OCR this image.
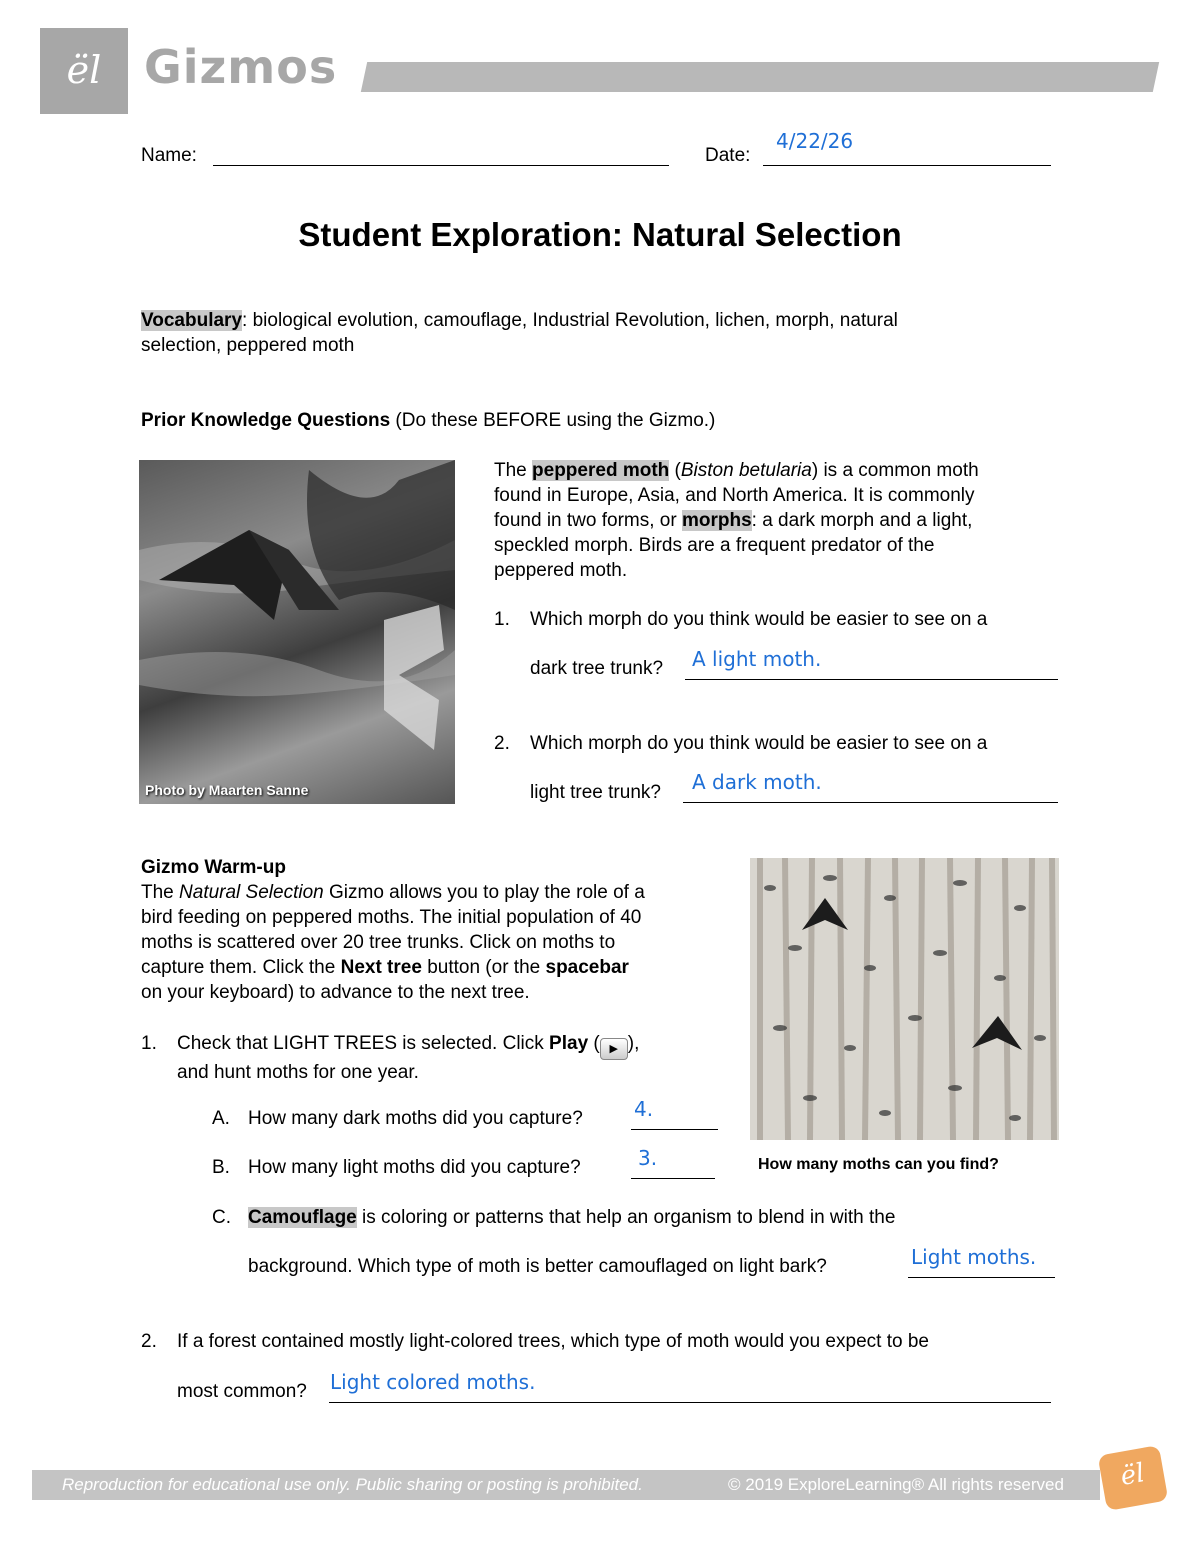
ël Gizmos
Name:	Date:
4/22/26
Student Exploration: Natural Selection
Vocabulary: biological evolution, camouflage, Industrial Revolution, lichen, morph, natural
selection, peppered moth
Prior Knowledge Questions (Do these BEFORE using the Gizmo.)
Photo by Maarten Sanne
The peppered moth (Biston betularia) is a common moth
found in Europe, Asia, and North America. It is commonly
found in two forms, or morphs: a dark morph and a light,
speckled morph. Birds are a frequent predator of the
peppered moth.
1. Which morph do you think would be easier to see on a
dark tree trunk? A light moth.
2. Which morph do you think would be easier to see on a
light tree trunk? A dark moth.
Gizmo Warm-up
The Natural Selection Gizmo allows you to play the role of a
bird feeding on peppered moths. The initial population of 40
moths is scattered over 20 tree trunks. Click on moths to
capture them. Click the Next tree button (or the spacebar
on your keyboard) to advance to the next tree.
How many moths can you find?
1. Check that LIGHT TREES is selected. Click Play ( ▶ ),
and hunt moths for one year.
A. How many dark moths did you capture?	4.
B. How many light moths did you capture?	3.
C. Camouflage is coloring or patterns that help an organism to blend in with the
background. Which type of moth is better camouflaged on light bark?	Light moths.
2. If a forest contained mostly light-colored trees, which type of moth would you expect to be
most common? Light colored moths.
Reproduction for educational use only. Public sharing or posting is prohibited.	© 2019 ExploreLearning® All rights reserved	ël
